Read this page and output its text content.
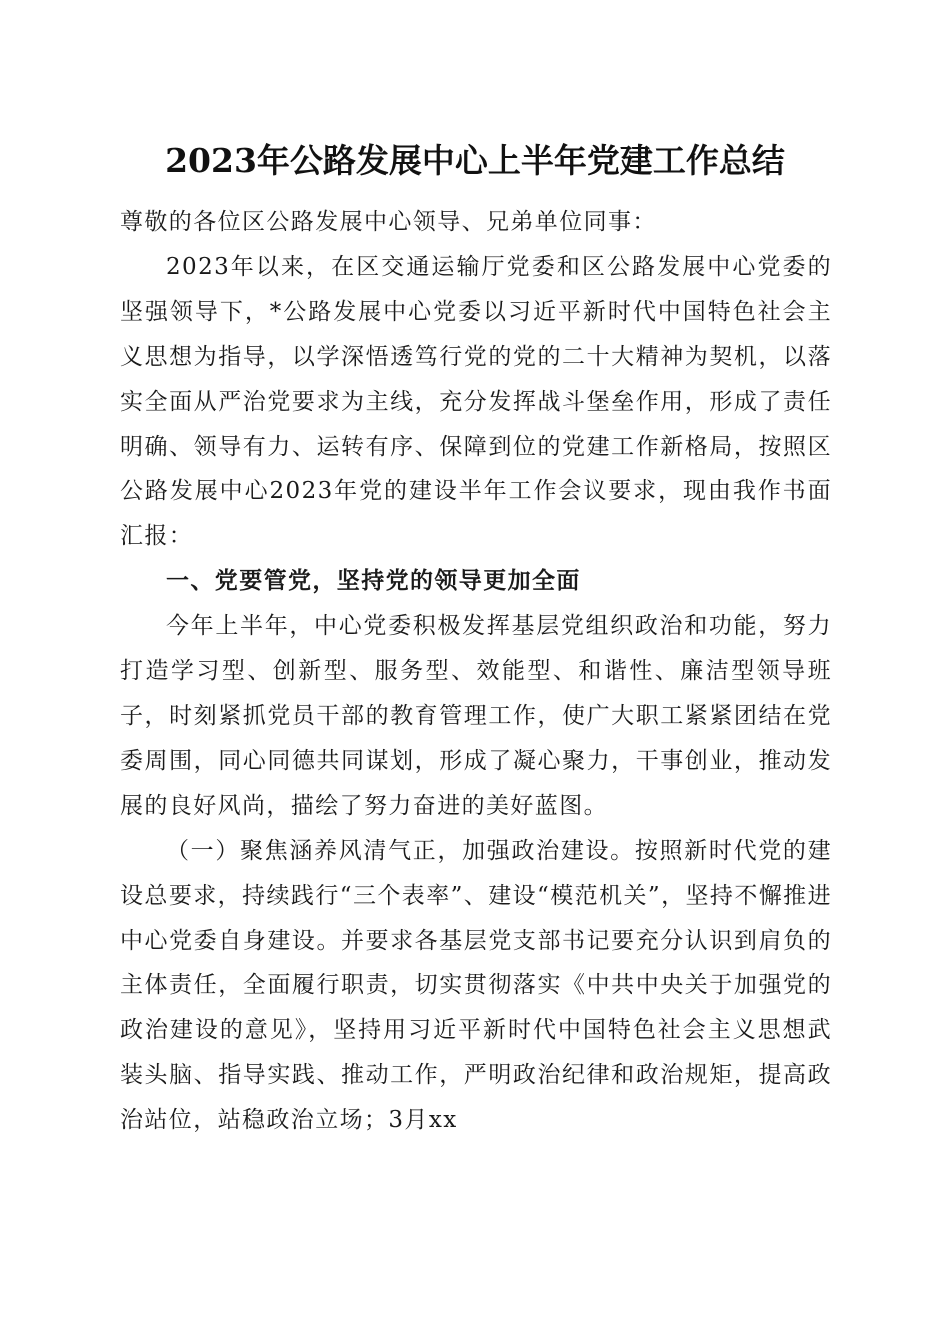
2023年公路发展中心上半年党建工作总结

尊敬的各位区公路发展中心领导、兄弟单位同事：

2023年以来，在区交通运输厅党委和区公路发展中心党委的坚强领导下，*公路发展中心党委以习近平新时代中国特色社会主义思想为指导，以学深悟透笃行党的党的二十大精神为契机，以落实全面从严治党要求为主线，充分发挥战斗堡垒作用，形成了责任明确、领导有力、运转有序、保障到位的党建工作新格局，按照区公路发展中心2023年党的建设半年工作会议要求，现由我作书面汇报：

一、党要管党，坚持党的领导更加全面

今年上半年，中心党委积极发挥基层党组织政治和功能，努力打造学习型、创新型、服务型、效能型、和谐性、廉洁型领导班子，时刻紧抓党员干部的教育管理工作，使广大职工紧紧团结在党委周围，同心同德共同谋划，形成了凝心聚力，干事创业，推动发展的良好风尚，描绘了努力奋进的美好蓝图。

（一）聚焦涵养风清气正，加强政治建设。按照新时代党的建设总要求，持续践行“三个表率”、建设“模范机关”，坚持不懈推进中心党委自身建设。并要求各基层党支部书记要充分认识到肩负的主体责任，全面履行职责，切实贯彻落实《中共中央关于加强党的政治建设的意见》，坚持用习近平新时代中国特色社会主义思想武装头脑、指导实践、推动工作，严明政治纪律和政治规矩，提高政治站位，站稳政治立场；3月xx
